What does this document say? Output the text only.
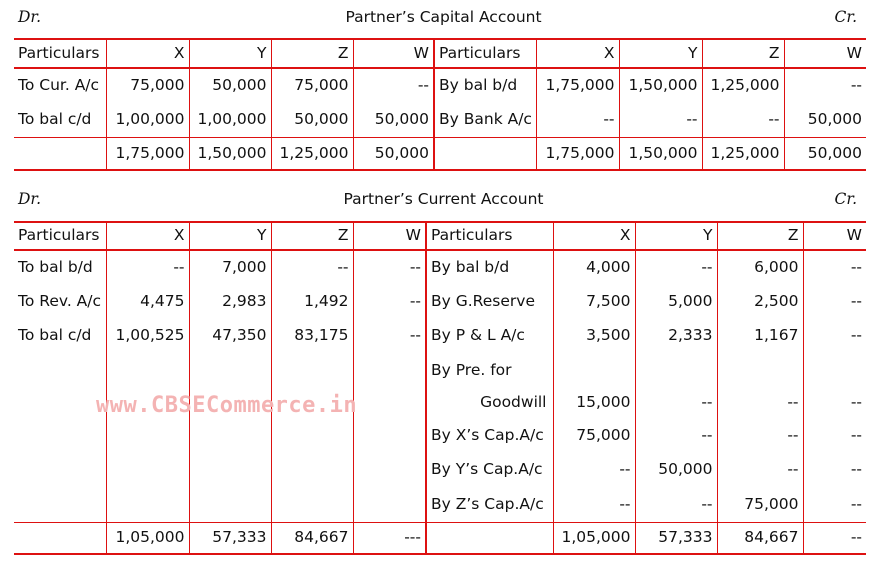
Dr.	Partner’s Capital Account	Cr.
Particulars	X	Y	Z	W	Particulars	X	Y	Z	W
To Cur. A/c	75,000	50,000	75,000	--	By bal b/d	1,75,000	1,50,000	1,25,000	--
To bal c/d	1,00,000	1,00,000	50,000	50,000	By Bank A/c	--	--	--	50,000
	1,75,000	1,50,000	1,25,000	50,000		1,75,000	1,50,000	1,25,000	50,000
Dr.	Partner’s Current Account	Cr.
Particulars	X	Y	Z	W	Particulars	X	Y	Z	W
To bal b/d	--	7,000	--	--	By bal b/d	4,000	--	6,000	--
To Rev. A/c	4,475	2,983	1,492	--	By G.Reserve	7,500	5,000	2,500	--
To bal c/d	1,00,525	47,350	83,175	--	By P & L A/c	3,500	2,333	1,167	--
					By Pre. for				
					Goodwill	15,000	--	--	--
					By X’s Cap.A/c	75,000	--	--	--
					By Y’s Cap.A/c	--	50,000	--	--
					By Z’s Cap.A/c	--	--	75,000	--
	1,05,000	57,333	84,667	---		1,05,000	57,333	84,667	--
www.CBSECommerce.in
